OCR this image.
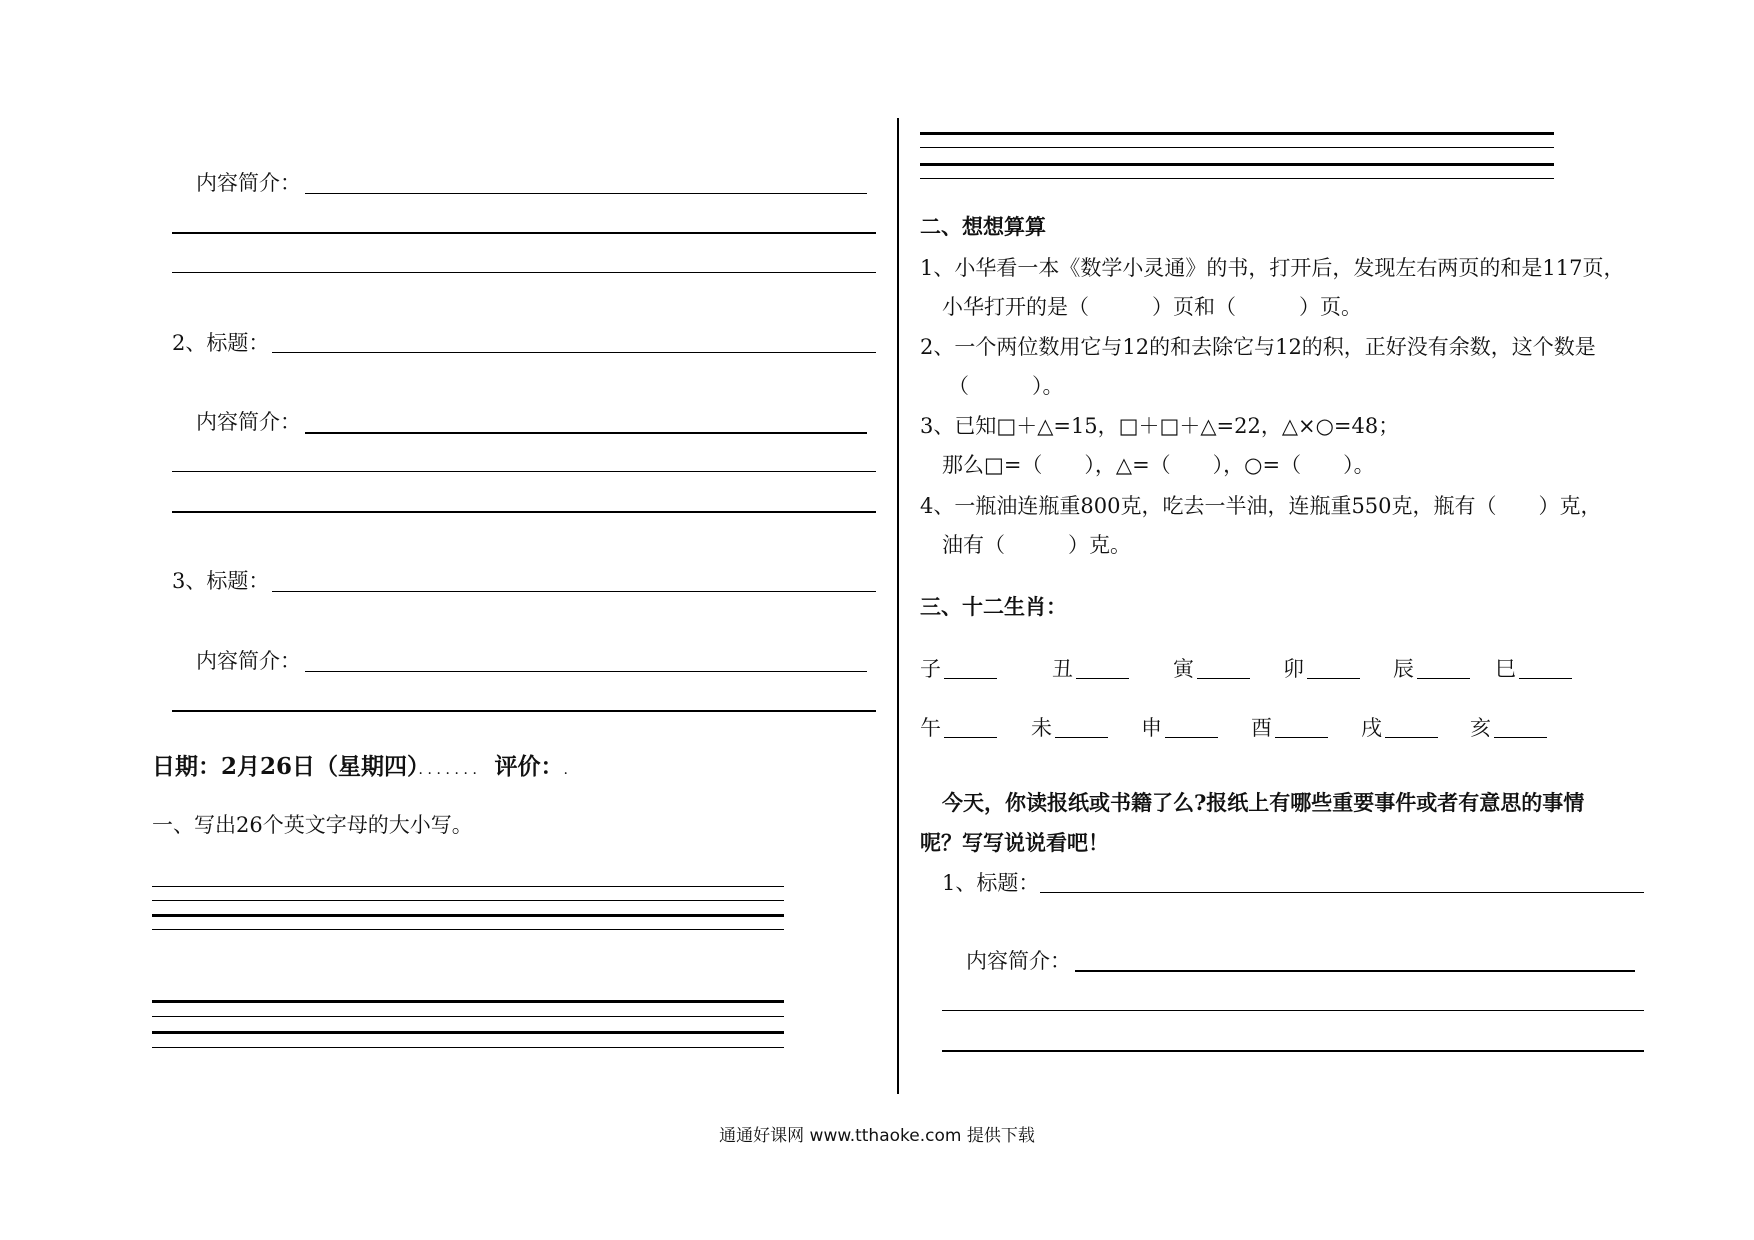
内容简介：
2、标题：
内容简介：
3、标题：
内容简介：
日期：2月26日（星期四）．．．．．．． 评价：.
一、写出26个英文字母的大小写。
二、想想算算
1、小华看一本《数学小灵通》的书，打开后，发现左右两页的和是117页，
小华打开的是（　　　）页和（　　　）页。
2、一个两位数用它与12的和去除它与12的积，正好没有余数，这个数是
（　　　）。
3、已知□＋△=15，□＋□＋△=22，△×○=48；
那么□=（　　），△=（　　），○=（　　）。
4、一瓶油连瓶重800克，吃去一半油，连瓶重550克，瓶有（　　）克，
油有（　　　）克。
三、十二生肖：
子	丑	寅	卯	辰	巳
午	未	申	酉	戌	亥
今天，你读报纸或书籍了么?报纸上有哪些重要事件或者有意思的事情
呢？写写说说看吧！
1、标题：
内容简介：
通通好课网 www.tthaoke.com 提供下载
